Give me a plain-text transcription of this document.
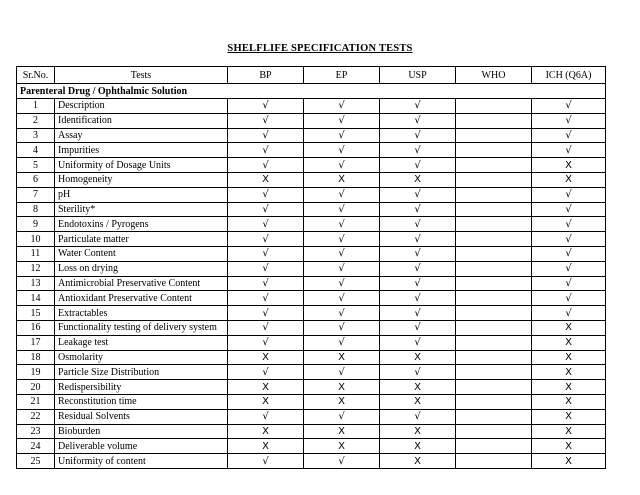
SHELFLIFE SPECIFICATION TESTS
Sr.No.	Tests	BP	EP	USP	WHO	ICH (Q6A)
Parenteral Drug / Ophthalmic Solution						
1	Description	√	√	√		√
2	Identification	√	√	√		√
3	Assay	√	√	√		√
4	Impurities	√	√	√		√
5	Uniformity of Dosage Units	√	√	√		X
6	Homogeneity	X	X	X		X
7	pH	√	√	√		√
8	Sterility*	√	√	√		√
9	Endotoxins / Pyrogens	√	√	√		√
10	Particulate matter	√	√	√		√
11	Water Content	√	√	√		√
12	Loss on drying	√	√	√		√
13	Antimicrobial Preservative Content	√	√	√		√
14	Antioxidant Preservative Content	√	√	√		√
15	Extractables	√	√	√		√
16	Functionality testing of delivery system	√	√	√		X
17	Leakage test	√	√	√		X
18	Osmolarity	X	X	X		X
19	Particle Size Distribution	√	√	√		X
20	Redispersibility	X	X	X		X
21	Reconstitution time	X	X	X		X
22	Residual Solvents	√	√	√		X
23	Bioburden	X	X	X		X
24	Deliverable volume	X	X	X		X
25	Uniformity of content	√	√	X		X
